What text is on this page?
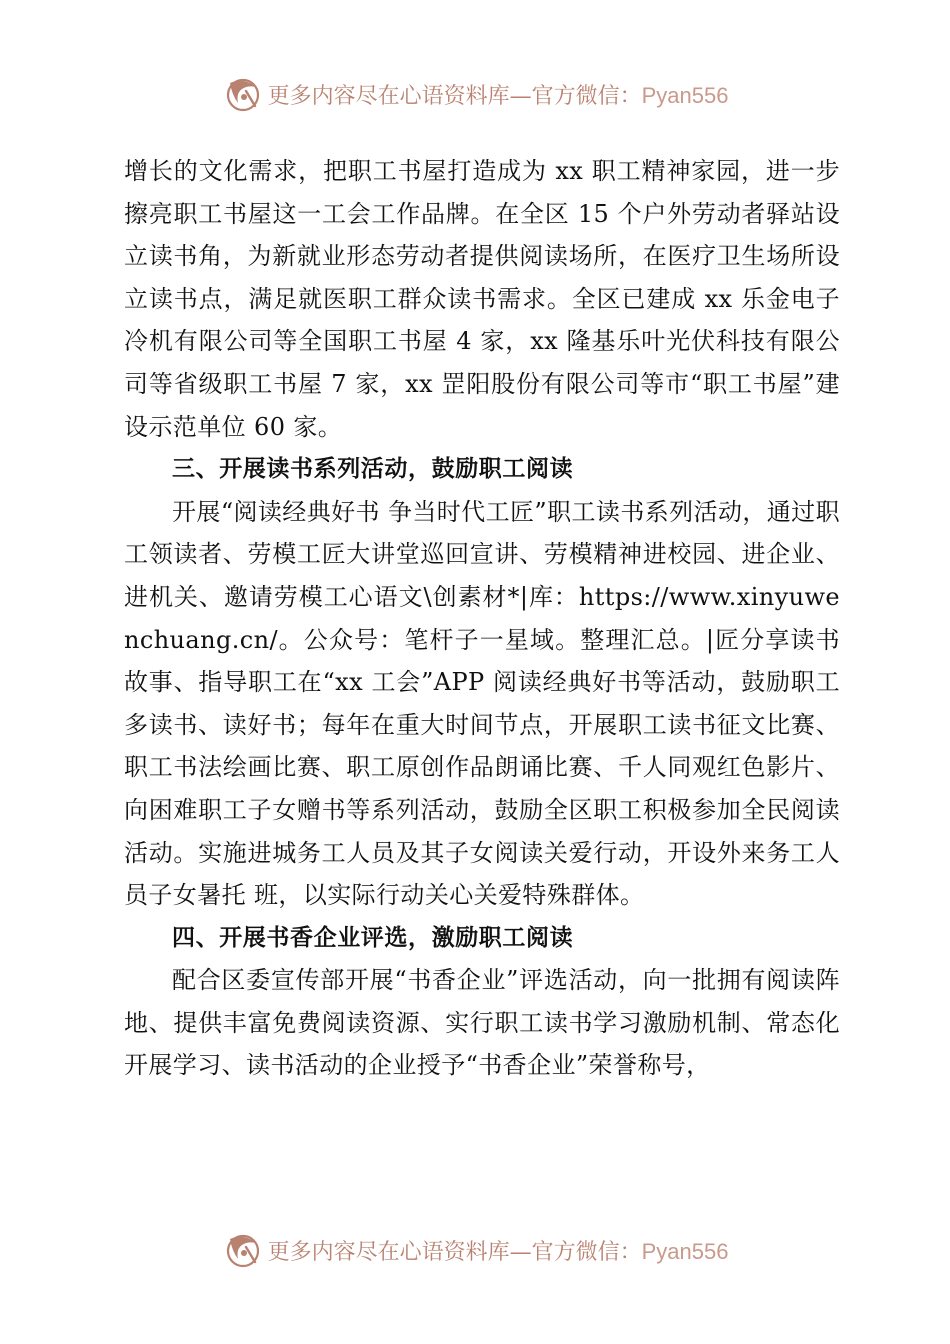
更多内容尽在心语资料库—官方微信：Pyan556

增长的文化需求，把职工书屋打造成为 xx 职工精神家园，进一步擦亮职工书屋这一工会工作品牌。在全区 15 个户外劳动者驿站设立读书角，为新就业形态劳动者提供阅读场所，在医疗卫生场所设立读书点，满足就医职工群众读书需求。全区已建成 xx 乐金电子冷机有限公司等全国职工书屋 4 家，xx 隆基乐叶光伏科技有限公司等省级职工书屋 7 家，xx 罡阳股份有限公司等市“职工书屋”建设示范单位 60 家。

三、开展读书系列活动，鼓励职工阅读

开展“阅读经典好书 争当时代工匠”职工读书系列活动，通过职工领读者、劳模工匠大讲堂巡回宣讲、劳模精神进校园、进企业、进机关、邀请劳模工心语文\创素材*|库：https://www.xinyuwenchuang.cn/。公众号：笔杆子一星域。整理汇总。|匠分享读书故事、指导职工在“xx 工会”APP 阅读经典好书等活动，鼓励职工多读书、读好书；每年在重大时间节点，开展职工读书征文比赛、职工书法绘画比赛、职工原创作品朗诵比赛、千人同观红色影片、向困难职工子女赠书等系列活动，鼓励全区职工积极参加全民阅读活动。实施进城务工人员及其子女阅读关爱行动，开设外来务工人员子女暑托 班，以实际行动关心关爱特殊群体。

四、开展书香企业评选，激励职工阅读

配合区委宣传部开展“书香企业”评选活动，向一批拥有阅读阵地、提供丰富免费阅读资源、实行职工读书学习激励机制、常态化开展学习、读书活动的企业授予“书香企业”荣誉称号，

更多内容尽在心语资料库—官方微信：Pyan556
